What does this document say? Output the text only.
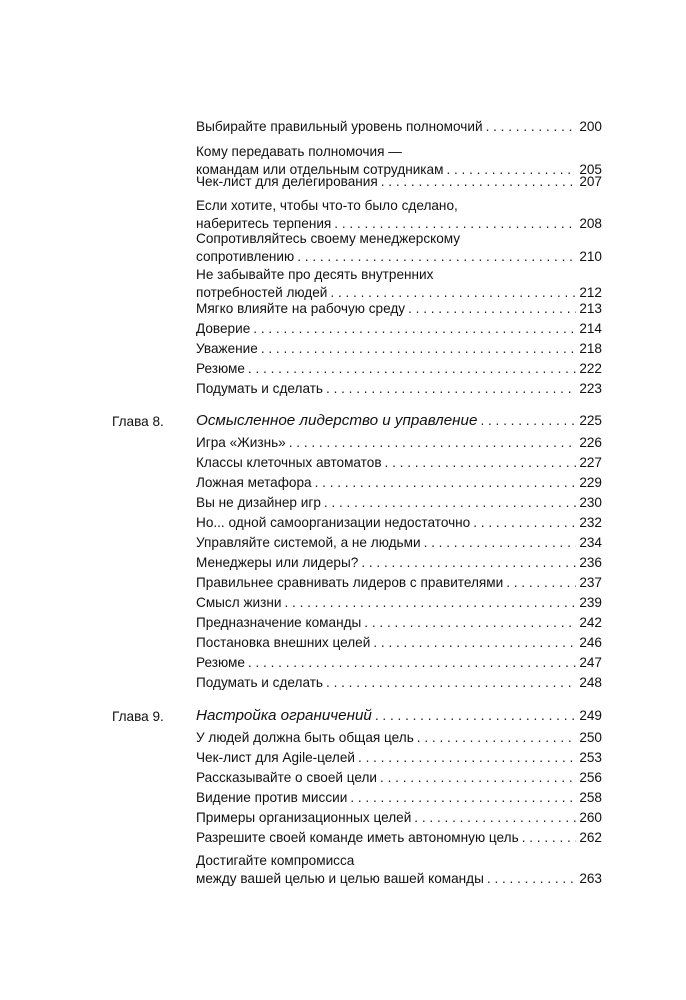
Выбирайте правильный уровень полномочий . . .	200
Кому передавать полномочия —
командам или отдельным сотрудникам . . .	205
Чек-лист для делегирования . . .	207
Если хотите, чтобы что-то было сделано,
наберитесь терпения . . .	208
Сопротивляйтесь своему менеджерскому
сопротивлению . . .	210
Не забывайте про десять внутренних
потребностей людей . . .	212
Мягко влияйте на рабочую среду . . .	213
Доверие . . .	214
Уважение . . .	218
Резюме . . .	222
Подумать и сделать . . .	223
Глава 8. Осмысленное лидерство и управление . . .	225
Игра «Жизнь» . . .	226
Классы клеточных автоматов . . .	227
Ложная метафора . . .	229
Вы не дизайнер игр . . .	230
Но... одной самоорганизации недостаточно . . .	232
Управляйте системой, а не людьми . . .	234
Менеджеры или лидеры? . . .	236
Правильнее сравнивать лидеров с правителями . . .	237
Смысл жизни . . .	239
Предназначение команды . . .	242
Постановка внешних целей . . .	246
Резюме . . .	247
Подумать и сделать . . .	248
Глава 9. Настройка ограничений . . .	249
У людей должна быть общая цель . . .	250
Чек-лист для Agile-целей . . .	253
Рассказывайте о своей цели . . .	256
Видение против миссии . . .	258
Примеры организационных целей . . .	260
Разрешите своей команде иметь автономную цель . . .	262
Достигайте компромисса
между вашей целью и целью вашей команды . . .	263
